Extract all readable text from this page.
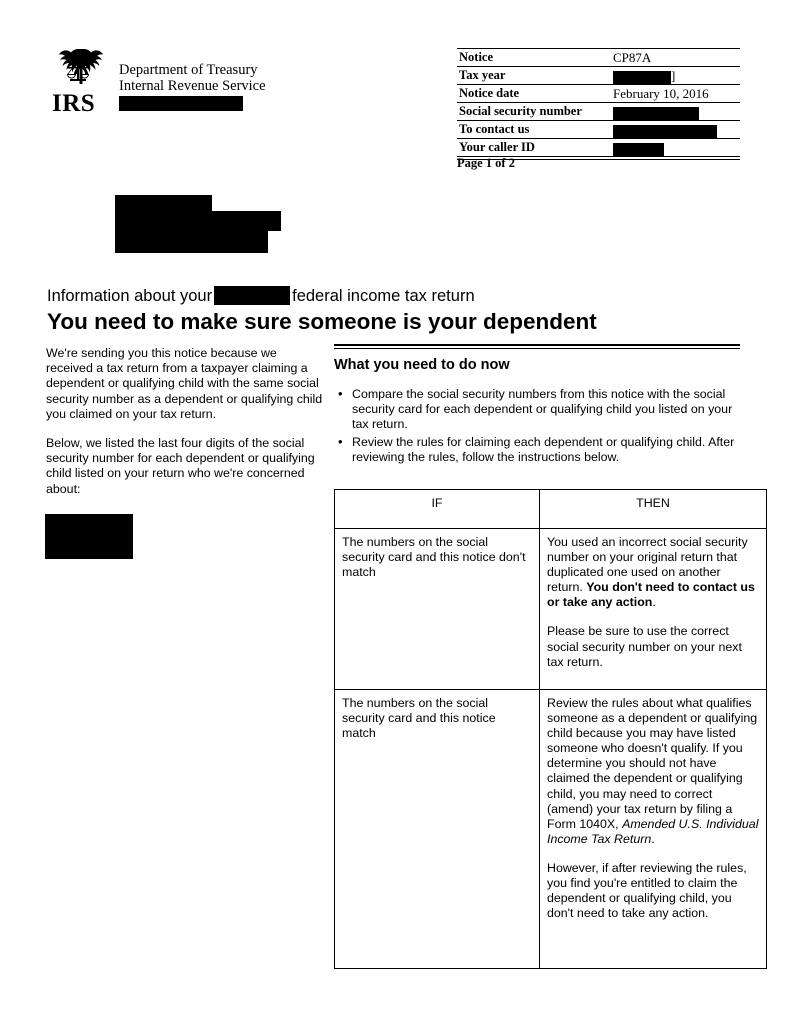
IRS
Department of Treasury
Internal Revenue Service
Notice	CP87A
Tax year	]
Notice date	February 10, 2016
Social security number
To contact us
Your caller ID
Page 1 of 2
Information about your	federal income tax return
You need to make sure someone is your dependent

We're sending you this notice because we received a tax return from a taxpayer claiming a dependent or qualifying child with the same social security number as a dependent or qualifying child you claimed on your tax return.

Below, we listed the last four digits of the social security number for each dependent or qualifying child listed on your return who we're concerned about:

What you need to do now
• Compare the social security numbers from this notice with the social security card for each dependent or qualifying child you listed on your tax return.
• Review the rules for claiming each dependent or qualifying child. After reviewing the rules, follow the instructions below.
IF	THEN
The numbers on the social security card and this notice don't match	You used an incorrect social security number on your original return that duplicated one used on another return. You don't need to contact us or take any action.

Please be sure to use the correct social security number on your next tax return.

The numbers on the social security card and this notice match	Review the rules about what qualifies someone as a dependent or qualifying child because you may have listed someone who doesn't qualify. If you determine you should not have claimed the dependent or qualifying child, you may need to correct (amend) your tax return by filing a Form 1040X, Amended U.S. Individual Income Tax Return.

However, if after reviewing the rules, you find you're entitled to claim the dependent or qualifying child, you don't need to take any action.
